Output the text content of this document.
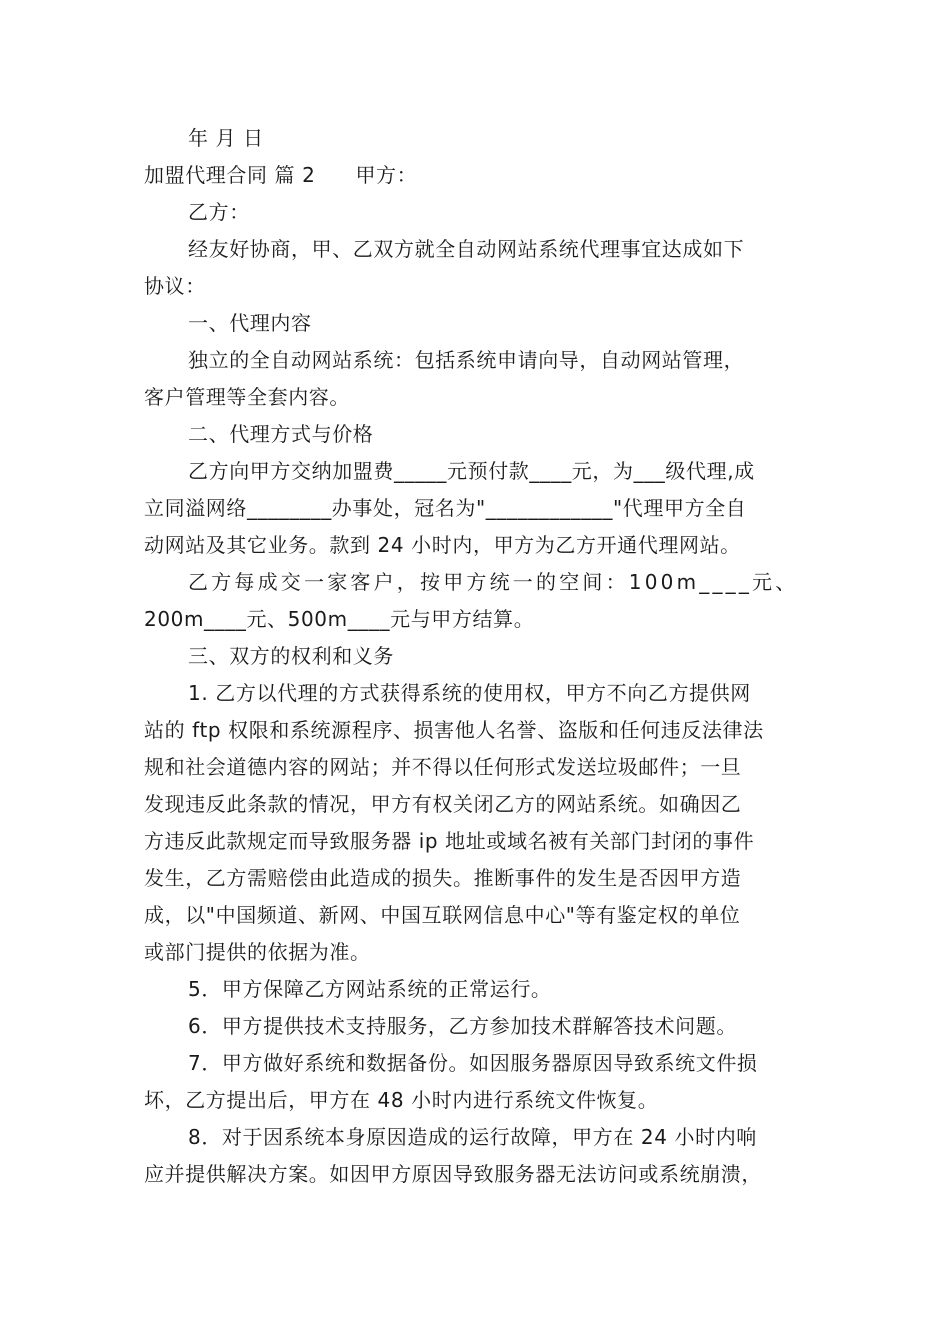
年 月 日

加盟代理合同 篇 2 甲方：

乙方：

经友好协商，甲、乙双方就全自动网站系统代理事宜达成如下

协议：

一、代理内容

独立的全自动网站系统：包括系统申请向导，自动网站管理，

客户管理等全套内容。

二、代理方式与价格

乙方向甲方交纳加盟费_____元预付款____元，为___级代理,成

立同溢网络________办事处，冠名为"____________"代理甲方全自

动网站及其它业务。款到 24 小时内，甲方为乙方开通代理网站。

乙方每成交一家客户，按甲方统一的空间：100m____元、

200m____元、500m____元与甲方结算。

三、双方的权利和义务

1. 乙方以代理的方式获得系统的使用权，甲方不向乙方提供网

站的 ftp 权限和系统源程序、损害他人名誉、盗版和任何违反法律法

规和社会道德内容的网站；并不得以任何形式发送垃圾邮件；一旦

发现违反此条款的情况，甲方有权关闭乙方的网站系统。如确因乙

方违反此款规定而导致服务器 ip 地址或域名被有关部门封闭的事件

发生，乙方需赔偿由此造成的损失。推断事件的发生是否因甲方造

成，以"中国频道、新网、中国互联网信息中心"等有鉴定权的单位

或部门提供的依据为准。

5．甲方保障乙方网站系统的正常运行。

6．甲方提供技术支持服务，乙方参加技术群解答技术问题。

7．甲方做好系统和数据备份。如因服务器原因导致系统文件损

坏，乙方提出后，甲方在 48 小时内进行系统文件恢复。

8．对于因系统本身原因造成的运行故障，甲方在 24 小时内响

应并提供解决方案。如因甲方原因导致服务器无法访问或系统崩溃，
